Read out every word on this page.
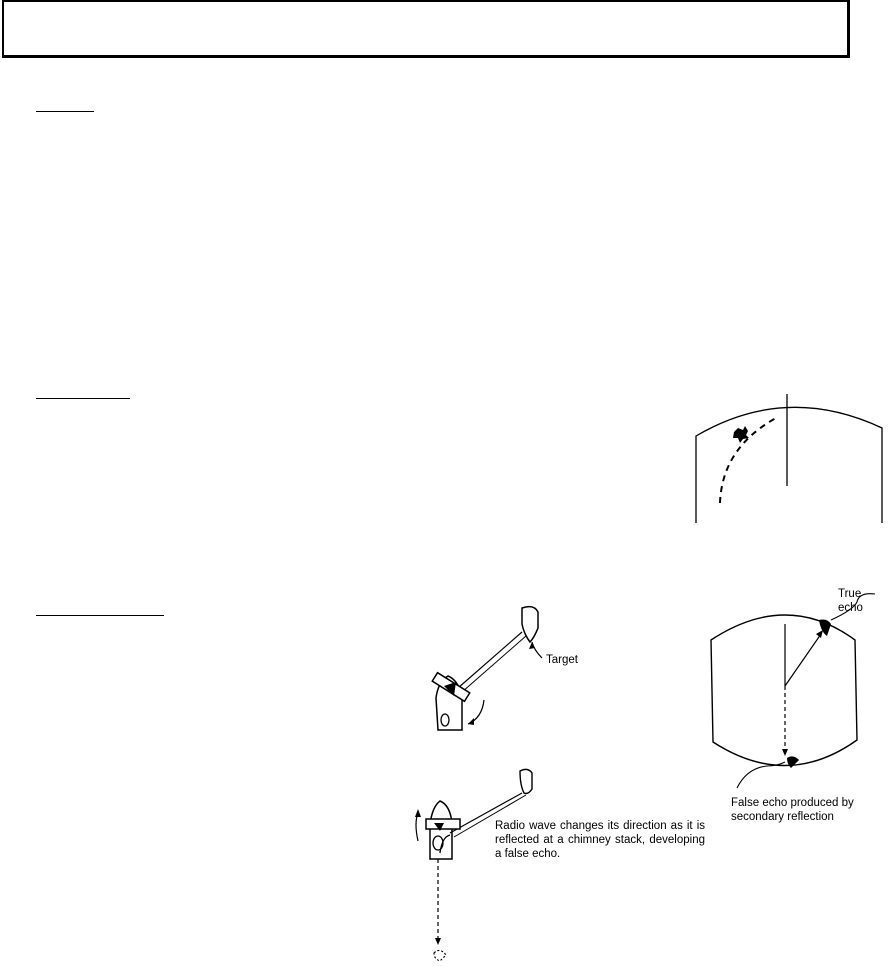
Target
True echo
False echo produced by secondary reflection
Radio wave changes its direction as it is reflected at a chimney stack, developing a false echo.
